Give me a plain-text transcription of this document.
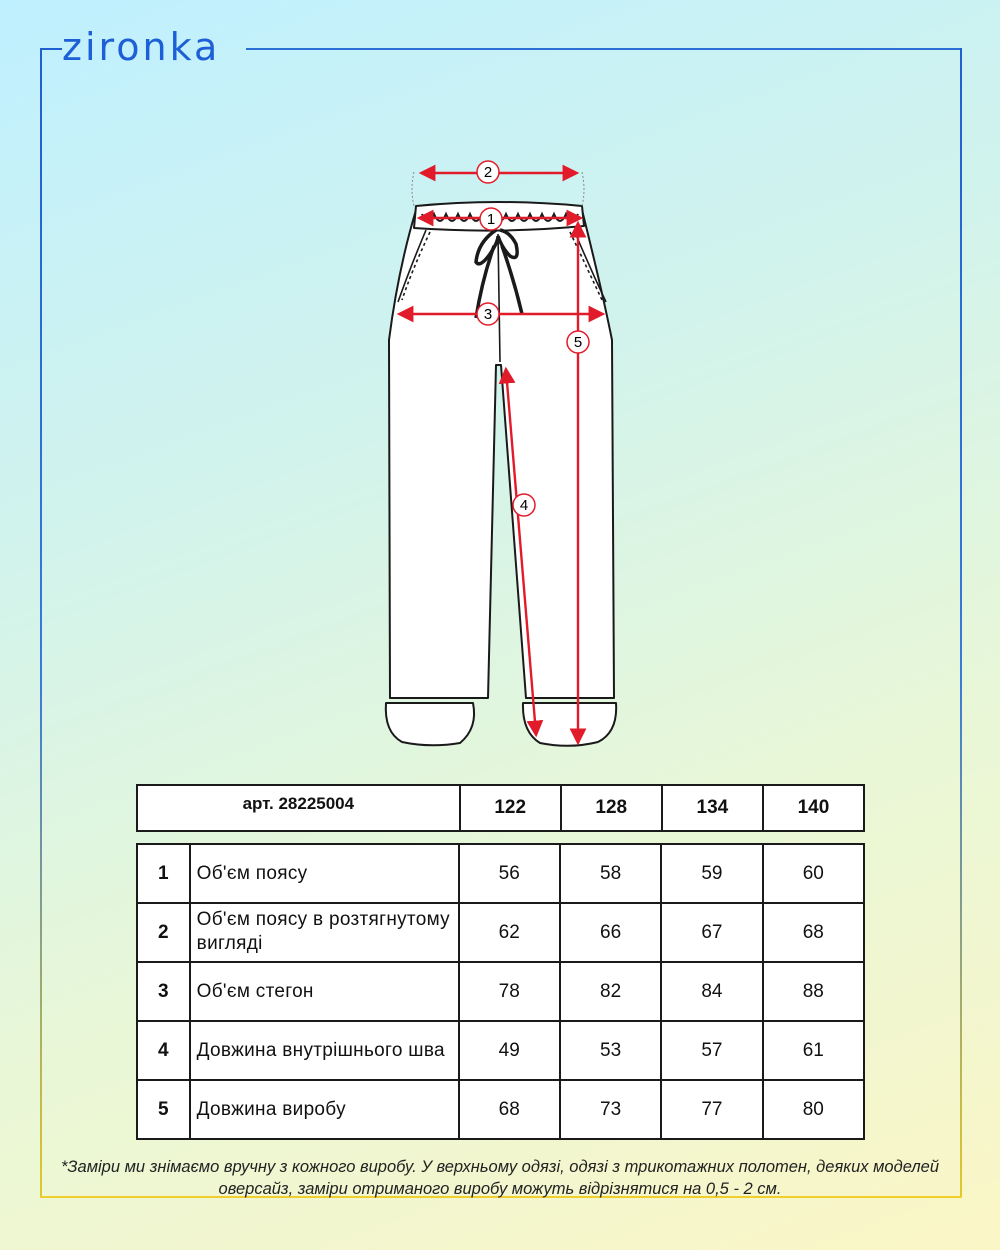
zironka
2
1
3
4
5
арт. 28225004	122	128	134	140
1	Об'єм поясу	56	58	59	60
2	Об'єм поясу в розтягнутому вигляді	62	66	67	68
3	Об'єм стегон	78	82	84	88
4	Довжина внутрішнього шва	49	53	57	61
5	Довжина виробу	68	73	77	80
*Заміри ми знімаємо вручну з кожного виробу. У верхньому одязі, одязі з трикотажних полотен, деяких моделей оверсайз, заміри отриманого виробу можуть відрізнятися на 0,5 - 2 см.
